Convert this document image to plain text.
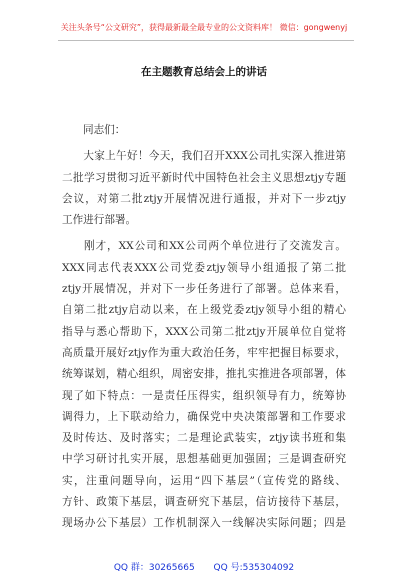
关注头条号“公文研究”，获得最新最全最专业的公文资料库！ 微信：gongwenyj
在主题教育总结会上的讲话
同志们：
大家上午好！今天，我们召开XXX公司扎实深入推进第
二批学习贯彻习近平新时代中国特色社会主义思想ztjy专题
会议，对第二批ztjy开展情况进行通报，并对下一步ztjy
工作进行部署。
刚才，XX公司和XX公司两个单位进行了交流发言。
XXX同志代表XXX公司党委ztjy领导小组通报了第二批
ztjy开展情况，并对下一步任务进行了部署。总体来看，
自第二批ztjy启动以来，在上级党委ztjy领导小组的精心
指导与悉心帮助下，XXX公司第二批ztjy开展单位自觉将
高质量开展好ztjy作为重大政治任务，牢牢把握目标要求，
统筹谋划，精心组织，周密安排，推扎实推进各项部署，体
现了如下特点：一是责任压得实，组织领导有力，统筹协
调得力，上下联动给力，确保党中央决策部署和工作要求
及时传达、及时落实；二是理论武装实，ztjy读书班和集
中学习研讨扎实开展，思想基础更加强固；三是调查研究
实，注重问题导向，运用“四下基层”（宣传党的路线、
方针、政策下基层，调查研究下基层，信访接待下基层，
现场办公下基层）工作机制深入一线解决实际问题；四是
QQ 群：30265665 QQ 号:535304092
